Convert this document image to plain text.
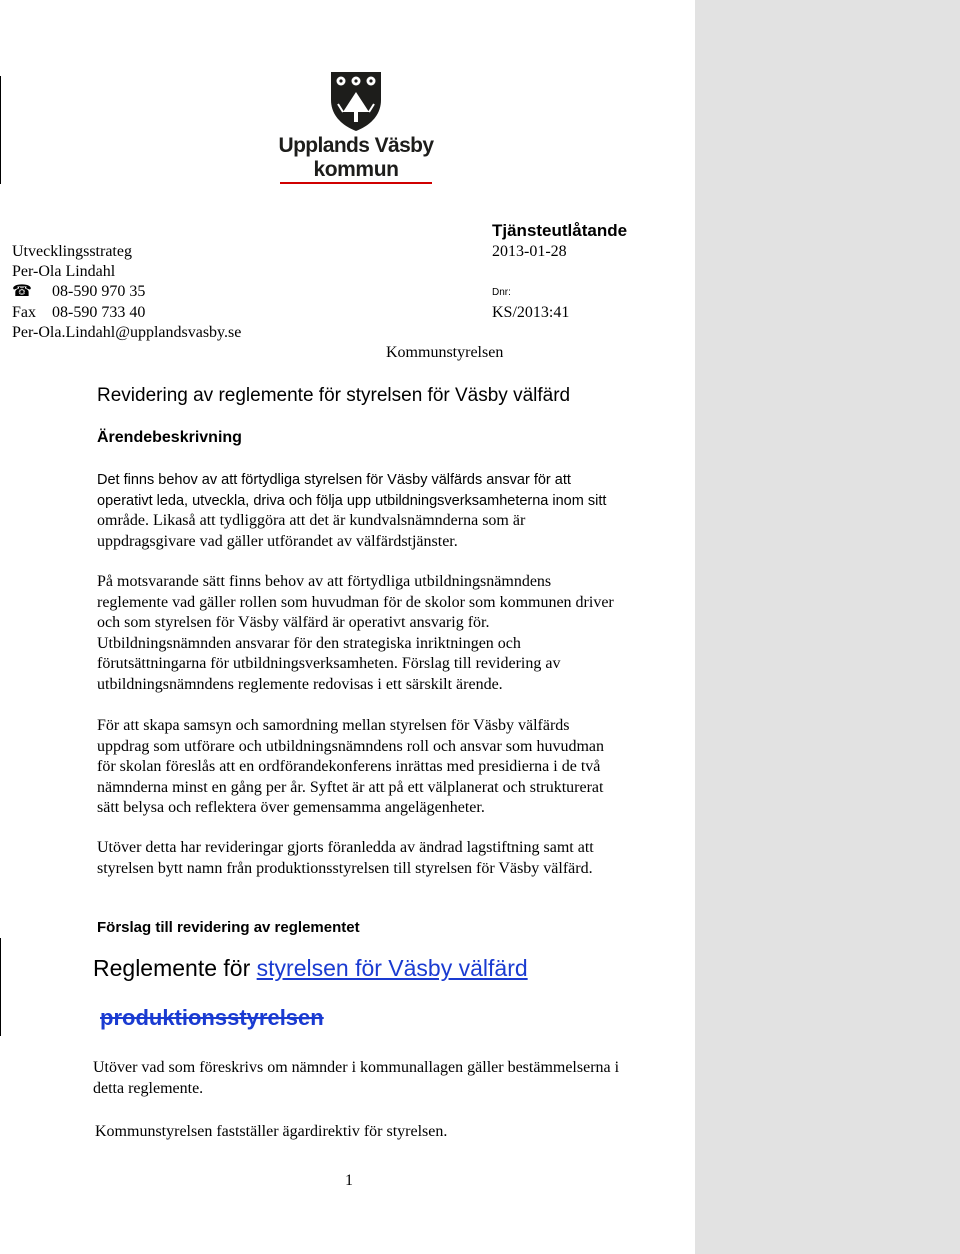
Upplands Väsby
kommun
Tjänsteutlåtande
2013-01-28
Dnr:
KS/2013:41
Utvecklingsstrateg
Per-Ola Lindahl
☎ 08-590 970 35
Fax 08-590 733 40
Per-Ola.Lindahl@upplandsvasby.se
Kommunstyrelsen
Revidering av reglemente för styrelsen för Väsby välfärd
Ärendebeskrivning

Det finns behov av att förtydliga styrelsen för Väsby välfärds ansvar för att

operativt leda, utveckla, driva och följa upp utbildningsverksamheterna inom sitt

område. Likaså att tydliggöra att det är kundvalsnämnderna som är

uppdragsgivare vad gäller utförandet av välfärdstjänster.

På motsvarande sätt finns behov av att förtydliga utbildningsnämndens

reglemente vad gäller rollen som huvudman för de skolor som kommunen driver

och som styrelsen för Väsby välfärd är operativt ansvarig för.

Utbildningsnämnden ansvarar för den strategiska inriktningen och

förutsättningarna för utbildningsverksamheten. Förslag till revidering av

utbildningsnämndens reglemente redovisas i ett särskilt ärende.

För att skapa samsyn och samordning mellan styrelsen för Väsby välfärds

uppdrag som utförare och utbildningsnämndens roll och ansvar som huvudman

för skolan föreslås att en ordförandekonferens inrättas med presidierna i de två

nämnderna minst en gång per år. Syftet är att på ett välplanerat och strukturerat

sätt belysa och reflektera över gemensamma angelägenheter.

Utöver detta har revideringar gjorts föranledda av ändrad lagstiftning samt att

styrelsen bytt namn från produktionsstyrelsen till styrelsen för Väsby välfärd.

Förslag till revidering av reglementet
Reglemente för styrelsen för Väsby välfärd
produktionsstyrelsen

Utöver vad som föreskrivs om nämnder i kommunallagen gäller bestämmelserna i

detta reglemente.

Kommunstyrelsen fastställer ägardirektiv för styrelsen.

1
